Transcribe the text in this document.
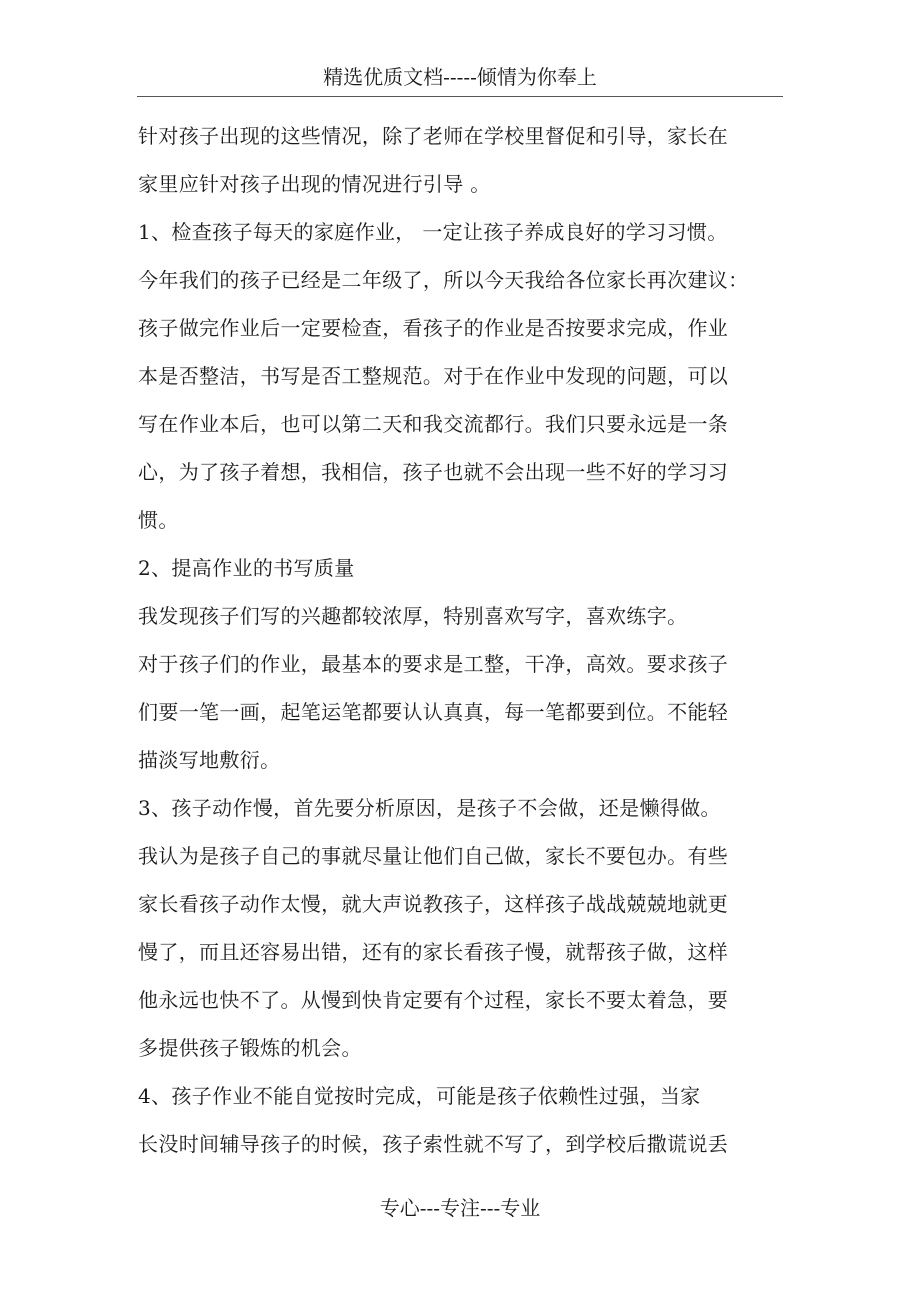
精选优质文档-----倾情为你奉上
针对孩子出现的这些情况，除了老师在学校里督促和引导，家长在
家里应针对孩子出现的情况进行引导 。
1、检查孩子每天的家庭作业， 一定让孩子养成良好的学习习惯。
今年我们的孩子已经是二年级了，所以今天我给各位家长再次建议：
孩子做完作业后一定要检查，看孩子的作业是否按要求完成，作业
本是否整洁，书写是否工整规范。对于在作业中发现的问题，可以
写在作业本后，也可以第二天和我交流都行。我们只要永远是一条
心，为了孩子着想，我相信，孩子也就不会出现一些不好的学习习
惯。
2、提高作业的书写质量
我发现孩子们写的兴趣都较浓厚，特别喜欢写字，喜欢练字。
对于孩子们的作业，最基本的要求是工整，干净，高效。要求孩子
们要一笔一画，起笔运笔都要认认真真，每一笔都要到位。不能轻
描淡写地敷衍。
3、孩子动作慢，首先要分析原因，是孩子不会做，还是懒得做。
我认为是孩子自己的事就尽量让他们自己做，家长不要包办。有些
家长看孩子动作太慢，就大声说教孩子，这样孩子战战兢兢地就更
慢了，而且还容易出错，还有的家长看孩子慢，就帮孩子做，这样
他永远也快不了。从慢到快肯定要有个过程，家长不要太着急，要
多提供孩子锻炼的机会。
4、孩子作业不能自觉按时完成，可能是孩子依赖性过强，当家
长没时间辅导孩子的时候，孩子索性就不写了，到学校后撒谎说丢
专心---专注---专业
